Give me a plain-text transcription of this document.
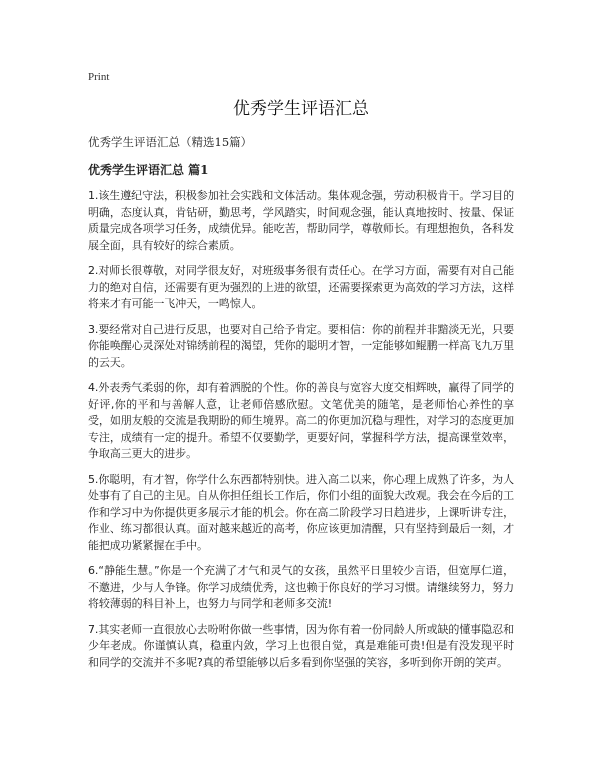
Print
优秀学生评语汇总
优秀学生评语汇总（精选15篇）
优秀学生评语汇总 篇1

1.该生遵纪守法，积极参加社会实践和文体活动。集体观念强，劳动积极肯干。学习目的明确，态度认真，肯钻研，勤思考，学风踏实，时间观念强，能认真地按时、按量、保证质量完成各项学习任务，成绩优异。能吃苦，帮助同学，尊敬师长。有理想抱负，各科发展全面，具有较好的综合素质。

2.对师长很尊敬，对同学很友好，对班级事务很有责任心。在学习方面，需要有对自己能力的绝对自信，还需要有更为强烈的上进的欲望，还需要探索更为高效的学习方法，这样将来才有可能一飞冲天，一鸣惊人。

3.要经常对自己进行反思，也要对自己给予肯定。要相信：你的前程并非黯淡无光，只要你能唤醒心灵深处对锦绣前程的渴望，凭你的聪明才智，一定能够如鲲鹏一样高飞九万里的云天。

4.外表秀气柔弱的你，却有着洒脱的个性。你的善良与宽容大度交相辉映，赢得了同学的好评,你的平和与善解人意，让老师倍感欣慰。文笔优美的随笔，是老师怡心养性的享受，如朋友般的交流是我期盼的师生境界。高二的你更加沉稳与理性，对学习的态度更加专注，成绩有一定的提升。希望不仅要勤学，更要好问，掌握科学方法，提高课堂效率，争取高三更大的进步。

5.你聪明，有才智，你学什么东西都特别快。进入高二以来，你心理上成熟了许多，为人处事有了自己的主见。自从你担任组长工作后，你们小组的面貌大改观。我会在今后的工作和学习中为你提供更多展示才能的机会。你在高二阶段学习日趋进步，上课听讲专注，作业、练习都很认真。面对越来越近的高考，你应该更加清醒，只有坚持到最后一刻，才能把成功紧紧握在手中。

6.“静能生慧。”你是一个充满了才气和灵气的女孩，虽然平日里较少言语，但宽厚仁道，不邀进，少与人争锋。你学习成绩优秀，这也赖于你良好的学习习惯。请继续努力，努力将较薄弱的科目补上，也努力与同学和老师多交流!

7.其实老师一直很放心去吩咐你做一些事情，因为你有着一份同龄人所或缺的懂事隐忍和少年老成。你谨慎认真，稳重内敛，学习上也很自觉，真是难能可贵!但是有没发现平时和同学的交流并不多呢?真的希望能够以后多看到你坚强的笑容，多听到你开朗的笑声。
